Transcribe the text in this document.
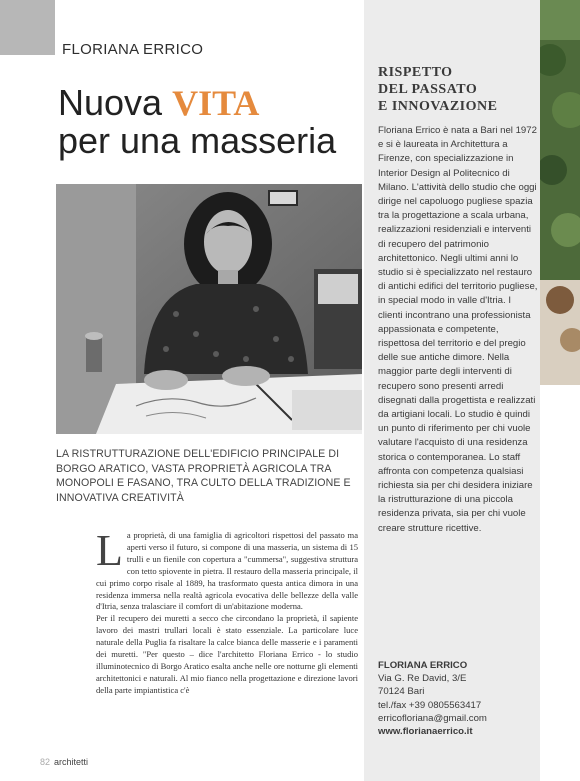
FLORIANA ERRICO
Nuova VITA
per una masseria
LA RISTRUTTURAZIONE DELL'EDIFICIO PRINCIPALE DI BORGO ARATICO, VASTA PROPRIETÀ AGRICOLA TRA MONOPOLI E FASANO, TRA CULTO DELLA TRADIZIONE E INNOVATIVA CREATIVITÀ

La proprietà, di una famiglia di agricoltori rispettosi del passato ma aperti verso il futuro, si compone di una masseria, un sistema di 15 trulli e un fienile con copertura a "cummersa", suggestiva struttura con tetto spiovente in pietra. Il restauro della masseria principale, il cui primo corpo risale al 1889, ha trasformato questa antica dimora in una residenza immersa nella realtà agricola evocativa delle bellezze della valle d'Itria, senza tralasciare il comfort di un'abitazione moderna.

Per il recupero dei muretti a secco che circondano la proprietà, il sapiente lavoro dei mastri trullari locali è stato essenziale. La particolare luce naturale della Puglia fa risaltare la calce bianca delle masserie e i paramenti dei muretti. "Per questo – dice l'architetto Floriana Errico - lo studio illuminotecnico di Borgo Aratico esalta anche nelle ore notturne gli elementi architettonici e naturali. Al mio fianco nella progettazione e direzione lavori della parte impiantistica c'è

RISPETTO
DEL PASSATO
E INNOVAZIONE
Floriana Errico è nata a Bari nel 1972 e si è laureata in Architettura a Firenze, con specializzazione in Interior Design al Politecnico di Milano. L'attività dello studio che oggi dirige nel capoluogo pugliese spazia tra la progettazione a scala urbana, realizzazioni residenziali e interventi di recupero del patrimonio architettonico. Negli ultimi anni lo studio si è specializzato nel restauro di antichi edifici del territorio pugliese, in special modo in valle d'Itria. I clienti incontrano una professionista appassionata e competente, rispettosa del territorio e del pregio delle sue antiche dimore. Nella maggior parte degli interventi di recupero sono presenti arredi disegnati dalla progettista e realizzati da artigiani locali. Lo studio è quindi un punto di riferimento per chi vuole valutare l'acquisto di una residenza storica o contemporanea. Lo staff affronta con competenza qualsiasi richiesta sia per chi desidera iniziare la ristrutturazione di una piccola residenza privata, sia per chi vuole creare strutture ricettive.
FLORIANA ERRICO
Via G. Re David, 3/E
70124 Bari
tel./fax +39 0805563417
erricofloriana@gmail.com
www.florianaerrico.it
82 architetti
